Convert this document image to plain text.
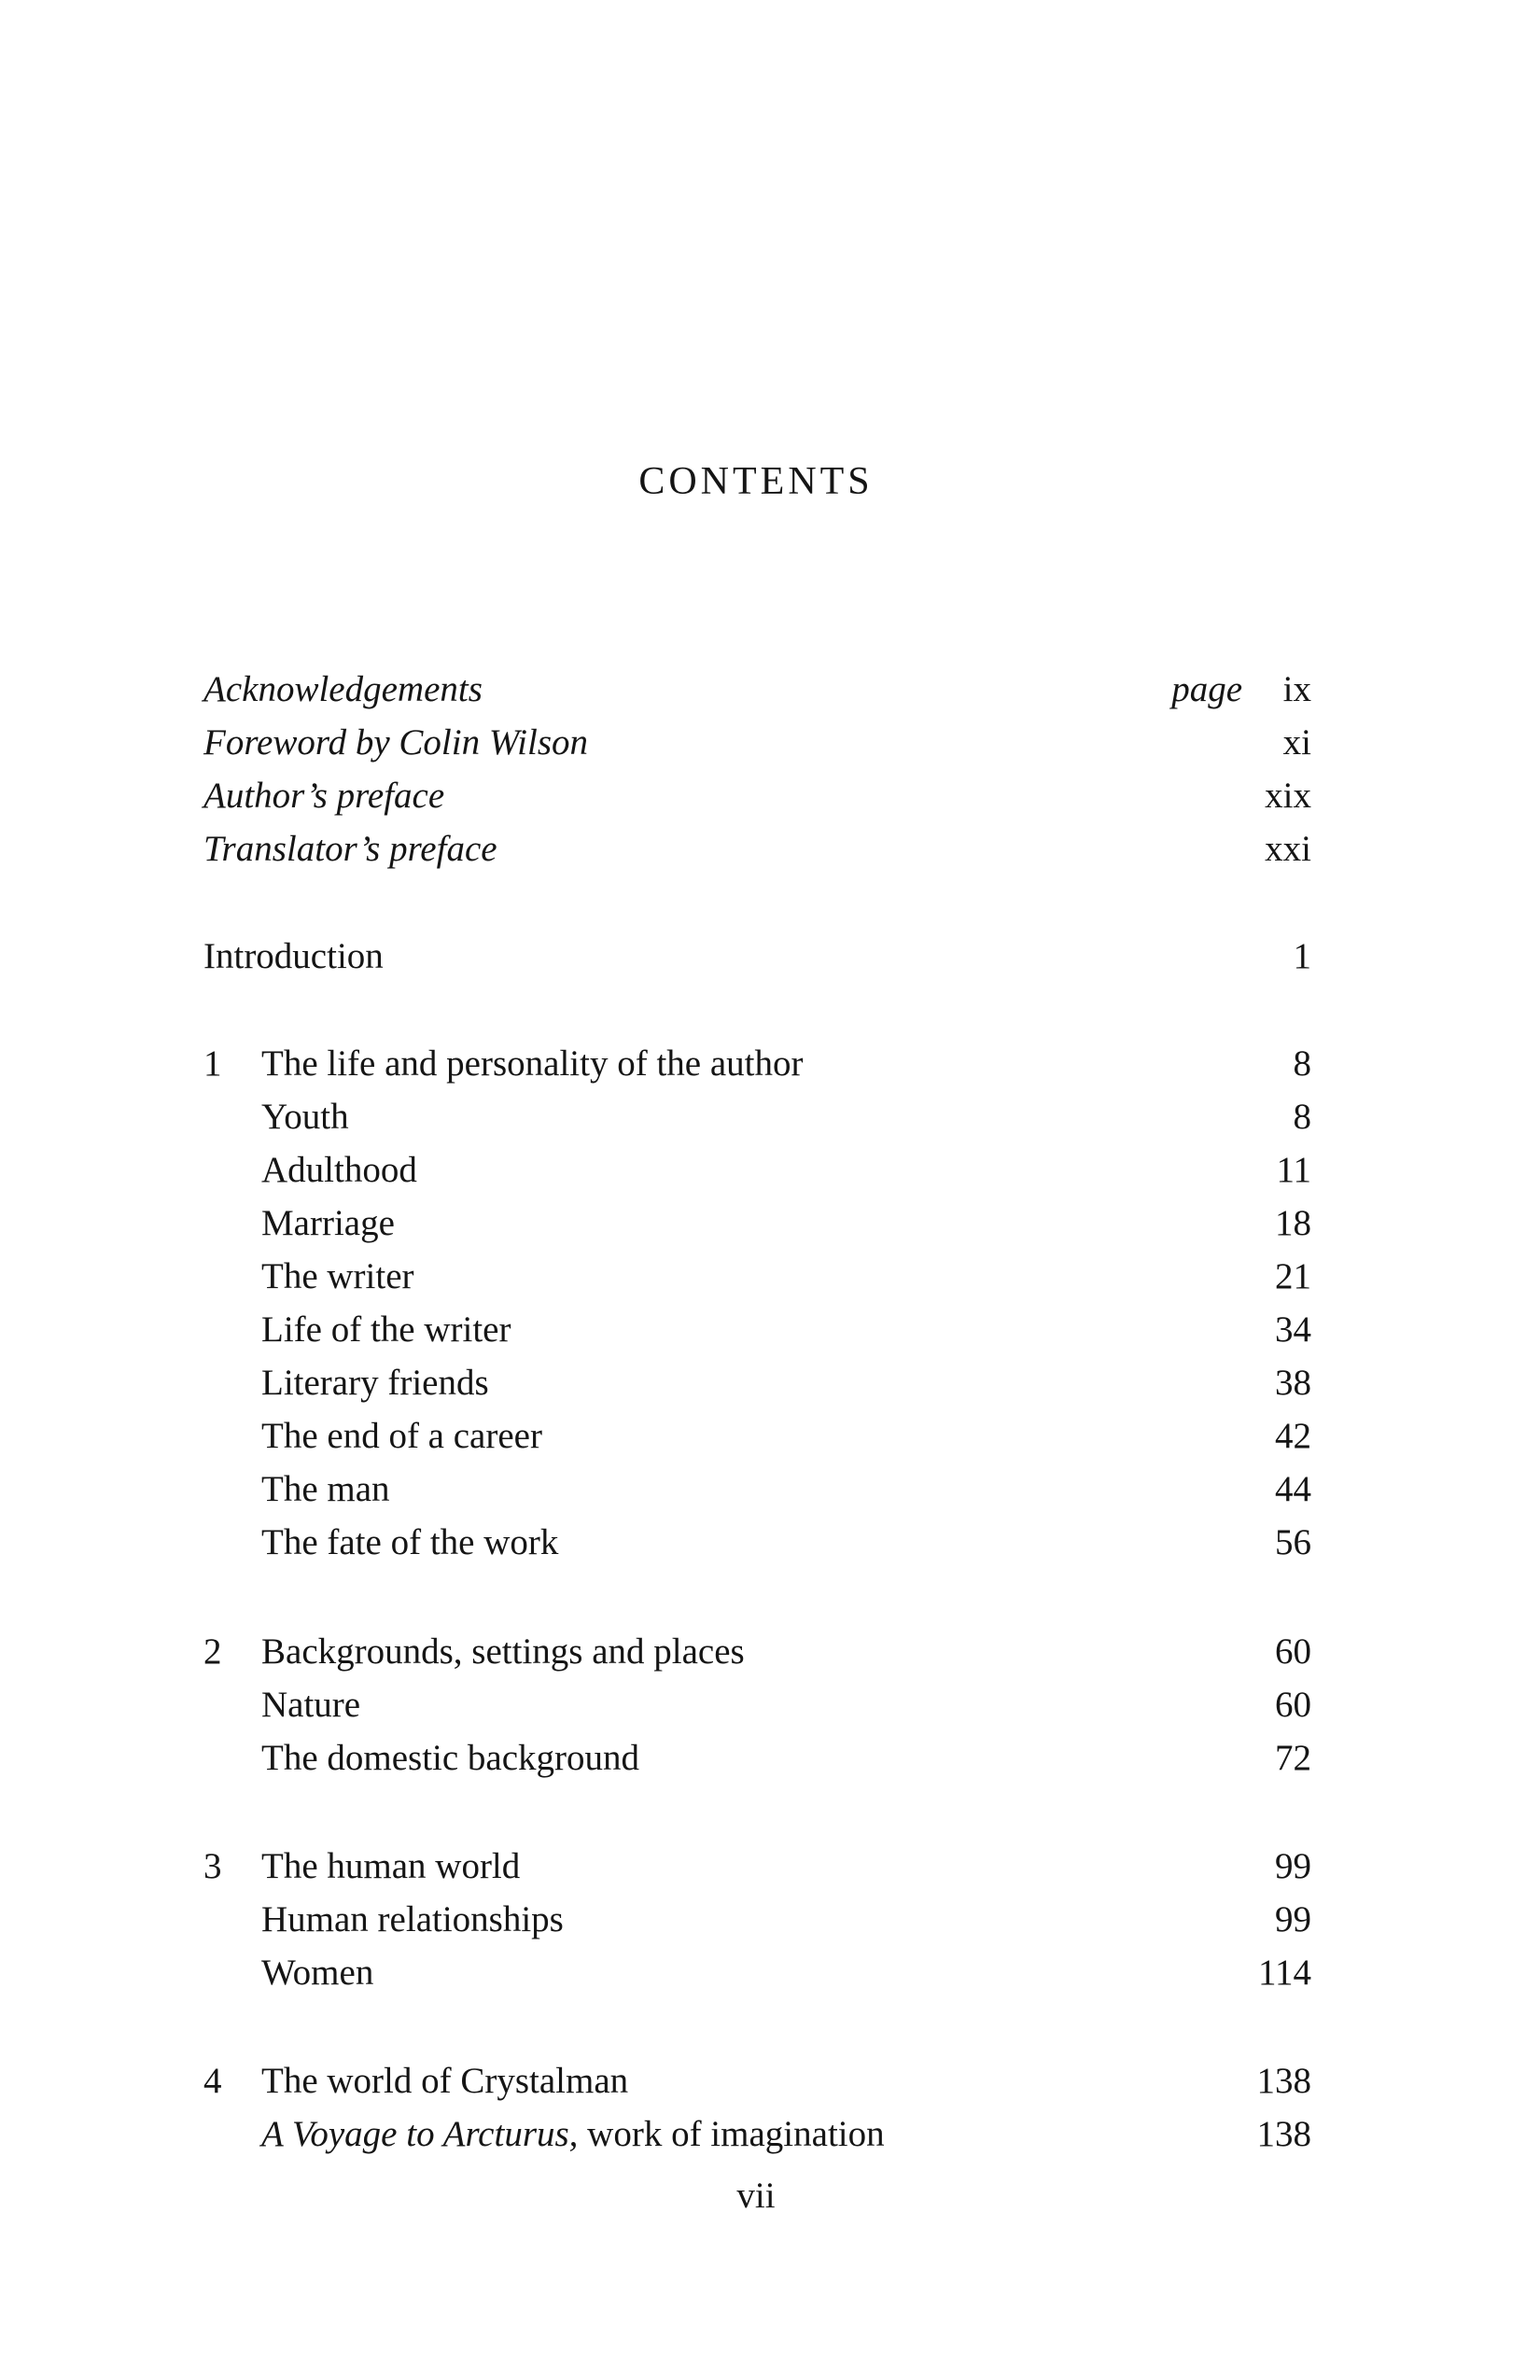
CONTENTS
Acknowledgements	page ix
Foreword by Colin Wilson	xi
Author’s preface	xix
Translator’s preface	xxi
Introduction	1
1 The life and personality of the author	8
Youth	8
Adulthood	11
Marriage	18
The writer	21
Life of the writer	34
Literary friends	38
The end of a career	42
The man	44
The fate of the work	56
2 Backgrounds, settings and places	60
Nature	60
The domestic background	72
3 The human world	99
Human relationships	99
Women	114
4 The world of Crystalman	138
A Voyage to Arcturus, work of imagination	138
vii
